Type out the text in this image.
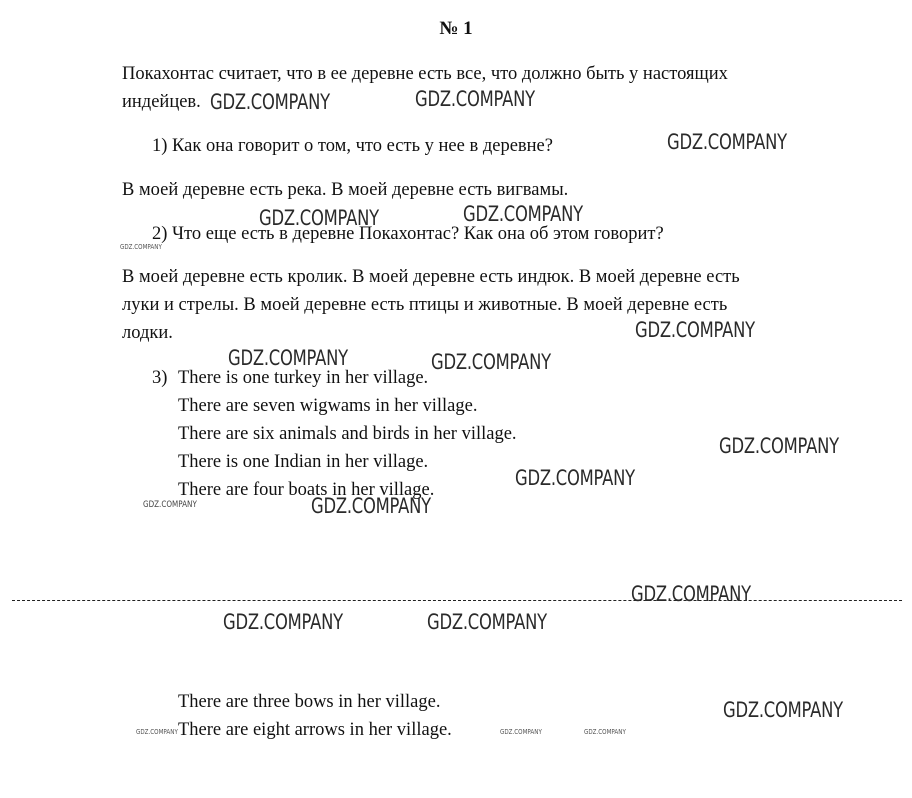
№ 1
Покахонтас считает, что в ее деревне есть все, что должно быть у настоящих
индейцев.
1) Как она говорит о том, что есть у нее в деревне?
В моей деревне есть река. В моей деревне есть вигвамы.
2) Что еще есть в деревне Покахонтас? Как она об этом говорит?
В моей деревне есть кролик. В моей деревне есть индюк. В моей деревне есть
луки и стрелы. В моей деревне есть птицы и животные. В моей деревне есть
лодки.
3) There is one turkey in her village.
There are seven wigwams in her village.
There are six animals and birds in her village.
There is one Indian in her village.
There are four boats in her village.
There are three bows in her village.
There are eight arrows in her village.
GDZ.COMPANY	GDZ.COMPANY
GDZ.COMPANY
GDZ.COMPANY	GDZ.COMPANY
GDZ.COMPANY
GDZ.COMPANY
GDZ.COMPANY	GDZ.COMPANY
GDZ.COMPANY
GDZ.COMPANY
GDZ.COMPANY	GDZ.COMPANY
GDZ.COMPANY
GDZ.COMPANY	GDZ.COMPANY
GDZ.COMPANY
GDZ.COMPANY	GDZ.COMPANY	GDZ.COMPANY
